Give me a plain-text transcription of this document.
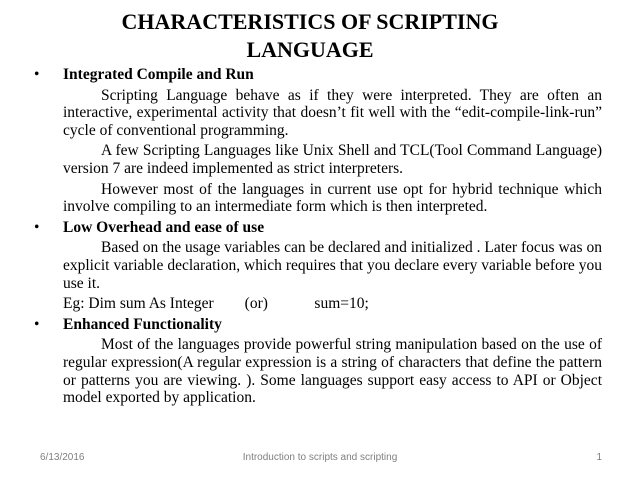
CHARACTERISTICS OF SCRIPTING
LANGUAGE
• Integrated Compile and Run

Scripting Language behave as if they were interpreted. They are often an interactive, experimental activity that doesn’t fit well with the “edit-compile-link-run” cycle of conventional programming.

A few Scripting Languages like Unix Shell and TCL(Tool Command Language) version 7 are indeed implemented as strict interpreters.

However most of the languages in current use opt for hybrid technique which involve compiling to an intermediate form which is then interpreted.

• Low Overhead and ease of use

Based on the usage variables can be declared and initialized . Later focus was on explicit variable declaration, which requires that you declare every variable before you use it.

Eg: Dim sum As Integer        (or)            sum=10;

• Enhanced Functionality

Most of the languages provide powerful string manipulation based on the use of regular expression(A regular expression is a string of characters that define the pattern or patterns you are viewing. ). Some languages support easy access to API or Object model exported by application.

6/13/2016	Introduction to scripts and scripting	1
